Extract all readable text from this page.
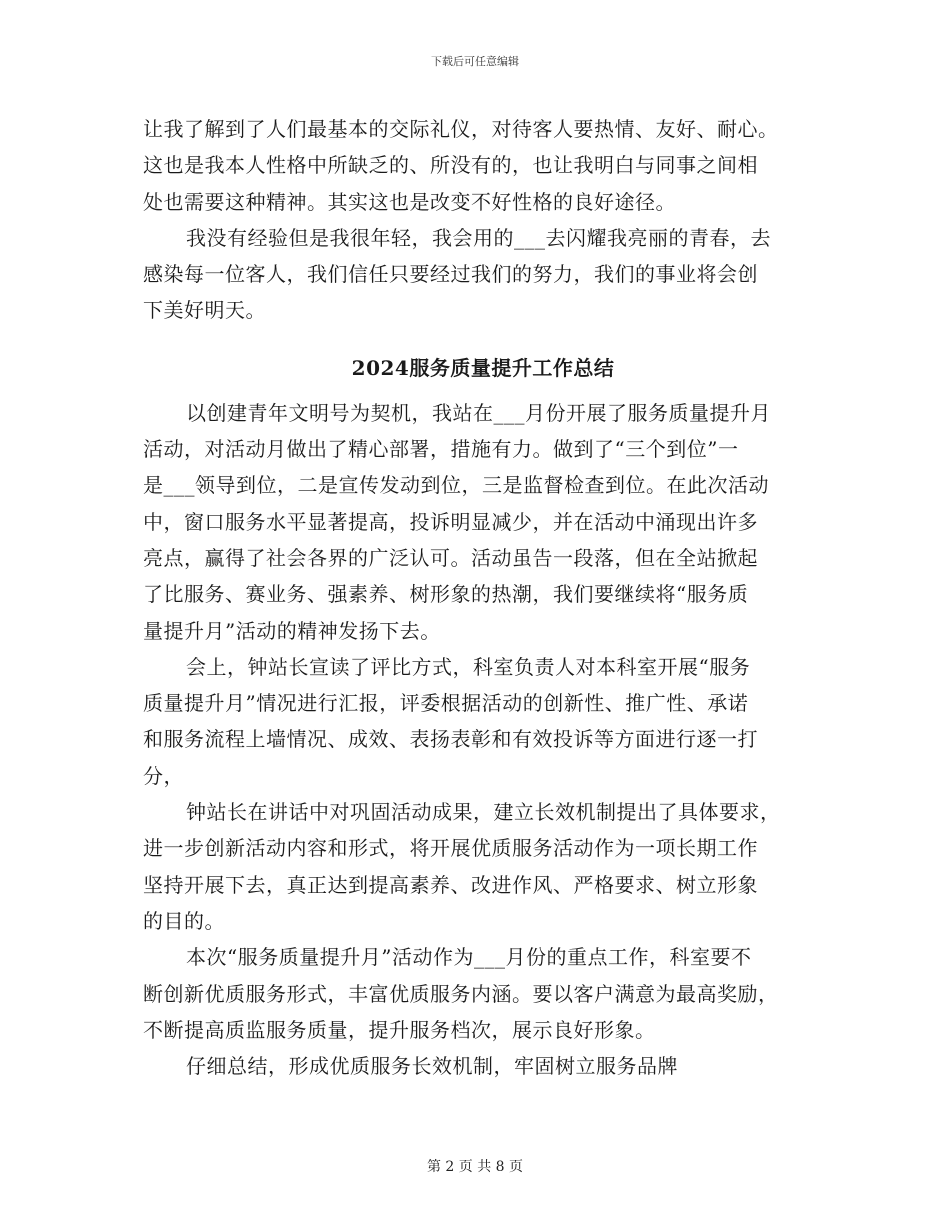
下载后可任意编辑
让我了解到了人们最基本的交际礼仪，对待客人要热情、友好、耐心。
这也是我本人性格中所缺乏的、所没有的，也让我明白与同事之间相
处也需要这种精神。其实这也是改变不好性格的良好途径。
我没有经验但是我很年轻，我会用的___去闪耀我亮丽的青春，去
感染每一位客人，我们信任只要经过我们的努力，我们的事业将会创
下美好明天。
2024服务质量提升工作总结
以创建青年文明号为契机，我站在___月份开展了服务质量提升月
活动，对活动月做出了精心部署，措施有力。做到了“三个到位”一
是___领导到位，二是宣传发动到位，三是监督检查到位。在此次活动
中，窗口服务水平显著提高，投诉明显减少，并在活动中涌现出许多
亮点，赢得了社会各界的广泛认可。活动虽告一段落，但在全站掀起
了比服务、赛业务、强素养、树形象的热潮，我们要继续将“服务质
量提升月”活动的精神发扬下去。
会上，钟站长宣读了评比方式，科室负责人对本科室开展“服务
质量提升月”情况进行汇报，评委根据活动的创新性、推广性、承诺
和服务流程上墙情况、成效、表扬表彰和有效投诉等方面进行逐一打
分，
钟站长在讲话中对巩固活动成果，建立长效机制提出了具体要求，
进一步创新活动内容和形式，将开展优质服务活动作为一项长期工作
坚持开展下去，真正达到提高素养、改进作风、严格要求、树立形象
的目的。
本次“服务质量提升月”活动作为___月份的重点工作，科室要不
断创新优质服务形式，丰富优质服务内涵。要以客户满意为最高奖励，
不断提高质监服务质量，提升服务档次，展示良好形象。
仔细总结，形成优质服务长效机制，牢固树立服务品牌
第 2 页 共 8 页
